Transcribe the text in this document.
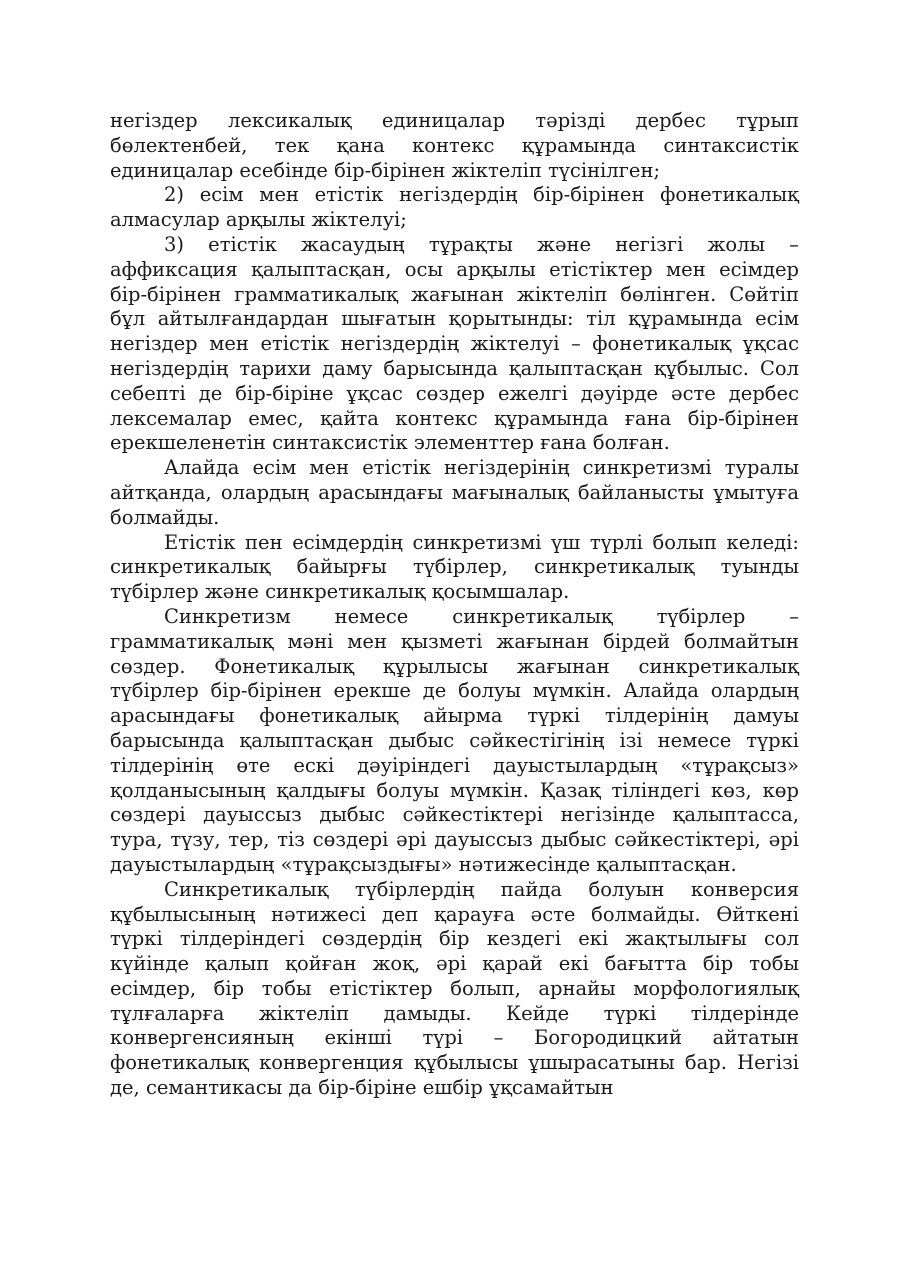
негіздер лексикалық единицалар тәрізді дербес тұрып бөлектенбей, тек қана контекс құрамында синтаксистік единицалар есебінде бір-бірінен жіктеліп түсінілген;

2) есім мен етістік негіздердің бір-бірінен фонетикалық алмасулар арқылы жіктелуі;

3) етістік жасаудың тұрақты және негізгі жолы – аффиксация қалыптасқан, осы арқылы етістіктер мен есімдер бір-бірінен грамматикалық жағынан жіктеліп бөлінген. Сөйтіп бұл айтылғандардан шығатын қорытынды: тіл құрамында есім негіздер мен етістік негіздердің жіктелуі – фонетикалық ұқсас негіздердің тарихи даму барысында қалыптасқан құбылыс. Сол себепті де бір-біріне ұқсас сөздер ежелгі дәуірде әсте дербес лексемалар емес, қайта контекс құрамында ғана бір-бірінен ерекшеленетін синтаксистік элементтер ғана болған.

Алайда есім мен етістік негіздерінің синкретизмі туралы айтқанда, олардың арасындағы мағыналық байланысты ұмытуға болмайды.

Етістік пен есімдердің синкретизмі үш түрлі болып келеді: синкретикалық байырғы түбірлер, синкретикалық туынды түбірлер және синкретикалық қосымшалар.

Синкретизм немесе синкретикалық түбірлер – грамматикалық мәні мен қызметі жағынан бірдей болмайтын сөздер. Фонетикалық құрылысы жағынан синкретикалық түбірлер бір-бірінен ерекше де болуы мүмкін. Алайда олардың арасындағы фонетикалық айырма түркі тілдерінің дамуы барысында қалыптасқан дыбыс сәйкестігінің ізі немесе түркі тілдерінің өте ескі дәуіріндегі дауыстылардың «тұрақсыз» қолданысының қалдығы болуы мүмкін. Қазақ тіліндегі көз, көр сөздері дауыссыз дыбыс сәйкестіктері негізінде қалыптасса, тура, түзу, тер, тіз сөздері әрі дауыссыз дыбыс сәйкестіктері, әрі дауыстылардың «тұрақсыздығы» нәтижесінде қалыптасқан.

Синкретикалық түбірлердің пайда болуын конверсия құбылысының нәтижесі деп қарауға әсте болмайды. Өйткені түркі тілдеріндегі сөздердің бір кездегі екі жақтылығы сол күйінде қалып қойған жоқ, әрі қарай екі бағытта бір тобы есімдер, бір тобы етістіктер болып, арнайы морфологиялық тұлғаларға жіктеліп дамыды. Кейде түркі тілдерінде конвергенсияның екінші түрі – Богородицкий айтатын фонетикалық конвергенция құбылысы ұшырасатыны бар. Негізі де, семантикасы да бір-біріне ешбір ұқсамайтын
